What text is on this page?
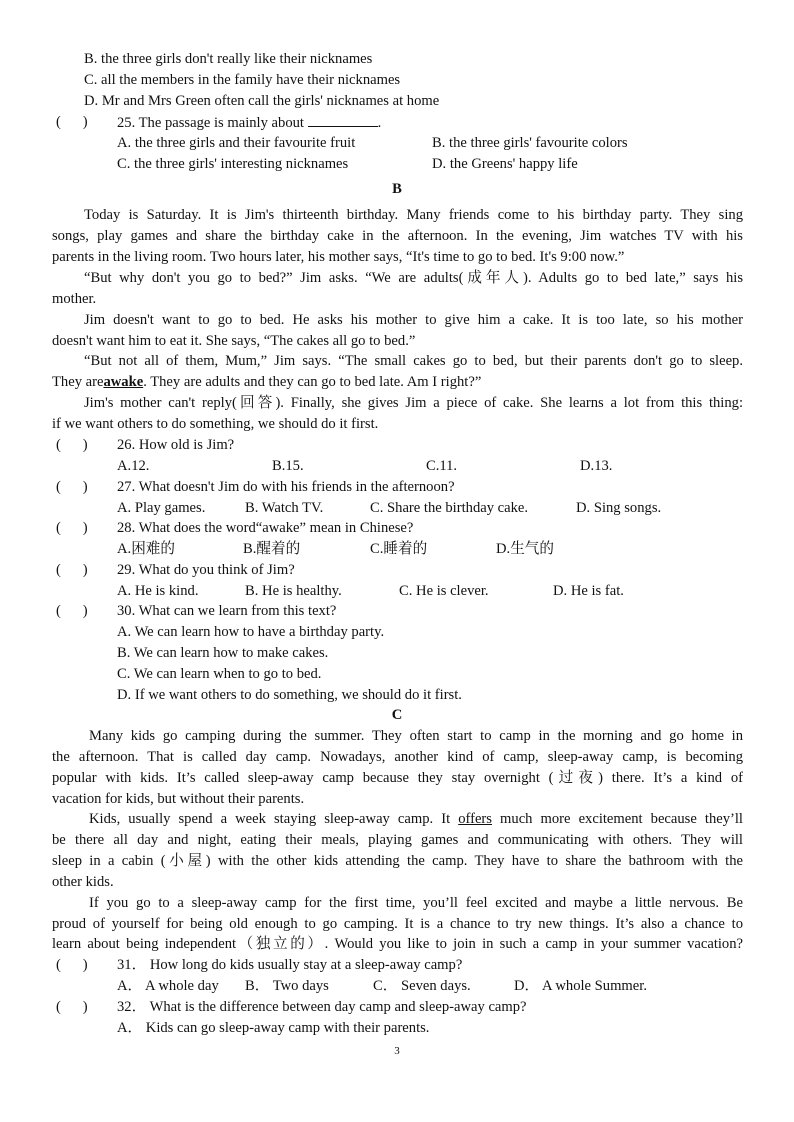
B. the three girls don't really like their nicknames
C. all the members in the family have their nicknames
D. Mr and Mrs Green often call the girls' nicknames at home
(      ) 25. The passage is mainly about	.
A. the three girls and their favourite fruit	B. the three girls' favourite colors
C. the three girls' interesting nicknames	D. the Greens' happy life
B
Today is Saturday. It is Jim's thirteenth birthday. Many friends come to his birthday party. They sing
songs, play games and share the birthday cake in the afternoon. In the evening, Jim watches TV with his
parents in the living room. Two hours later, his mother says, “It's time to go to bed. It's 9:00 now.”
“But why don't you go to bed?” Jim asks. “We are adults(成年人). Adults go to bed late,” says his
mother.
Jim doesn't want to go to bed. He asks his mother to give him a cake. It is too late, so his mother
doesn't want him to eat it. She says, “The cakes all go to bed.”
“But not all of them, Mum,” Jim says. “The small cakes go to bed, but their parents don't go to sleep.
They areawake. They are adults and they can go to bed late. Am I right?”
Jim's mother can't reply(回答). Finally, she gives Jim a piece of cake. She learns a lot from this thing:
if we want others to do something, we should do it first.
(      ) 26. How old is Jim?
A.12.	B.15.	C.11.	D.13.
(      ) 27. What doesn't Jim do with his friends in the afternoon?
A. Play games.	B. Watch TV.	C. Share the birthday cake.	D. Sing songs.
(      ) 28. What does the word“awake” mean in Chinese?
A.困难的	B.醒着的	C.睡着的	D.生气的
(      ) 29. What do you think of Jim?
A. He is kind.	B. He is healthy.	C. He is clever.	D. He is fat.
(      ) 30. What can we learn from this text?
A. We can learn how to have a birthday party.
B. We can learn how to make cakes.
C. We can learn when to go to bed.
D. If we want others to do something, we should do it first.
C
Many kids go camping during the summer. They often start to camp in the morning and go home in
the afternoon. That is called day camp. Nowadays, another kind of camp, sleep-away camp, is becoming
popular with kids. It’s called sleep-away camp because they stay overnight (过夜) there. It’s a kind of
vacation for kids, but without their parents.
Kids, usually spend a week staying sleep-away camp. It offers much more excitement because they’ll
be there all day and night, eating their meals, playing games and communicating with others. They will
sleep in a cabin (小屋) with the other kids attending the camp. They have to share the bathroom with the
other kids.
If you go to a sleep-away camp for the first time, you’ll feel excited and maybe a little nervous. Be
proud of yourself for being old enough to go camping. It is a chance to try new things. It’s also a chance to
learn about being independent（独立的）. Would you like to join in such a camp in your summer vacation?
(      ) 31． How long do kids usually stay at a sleep-away camp?
A． A whole day B． Two days	C． Seven days.	D． A whole Summer.
(      ) 32． What is the difference between day camp and sleep-away camp?
A． Kids can go sleep-away camp with their parents.
3
